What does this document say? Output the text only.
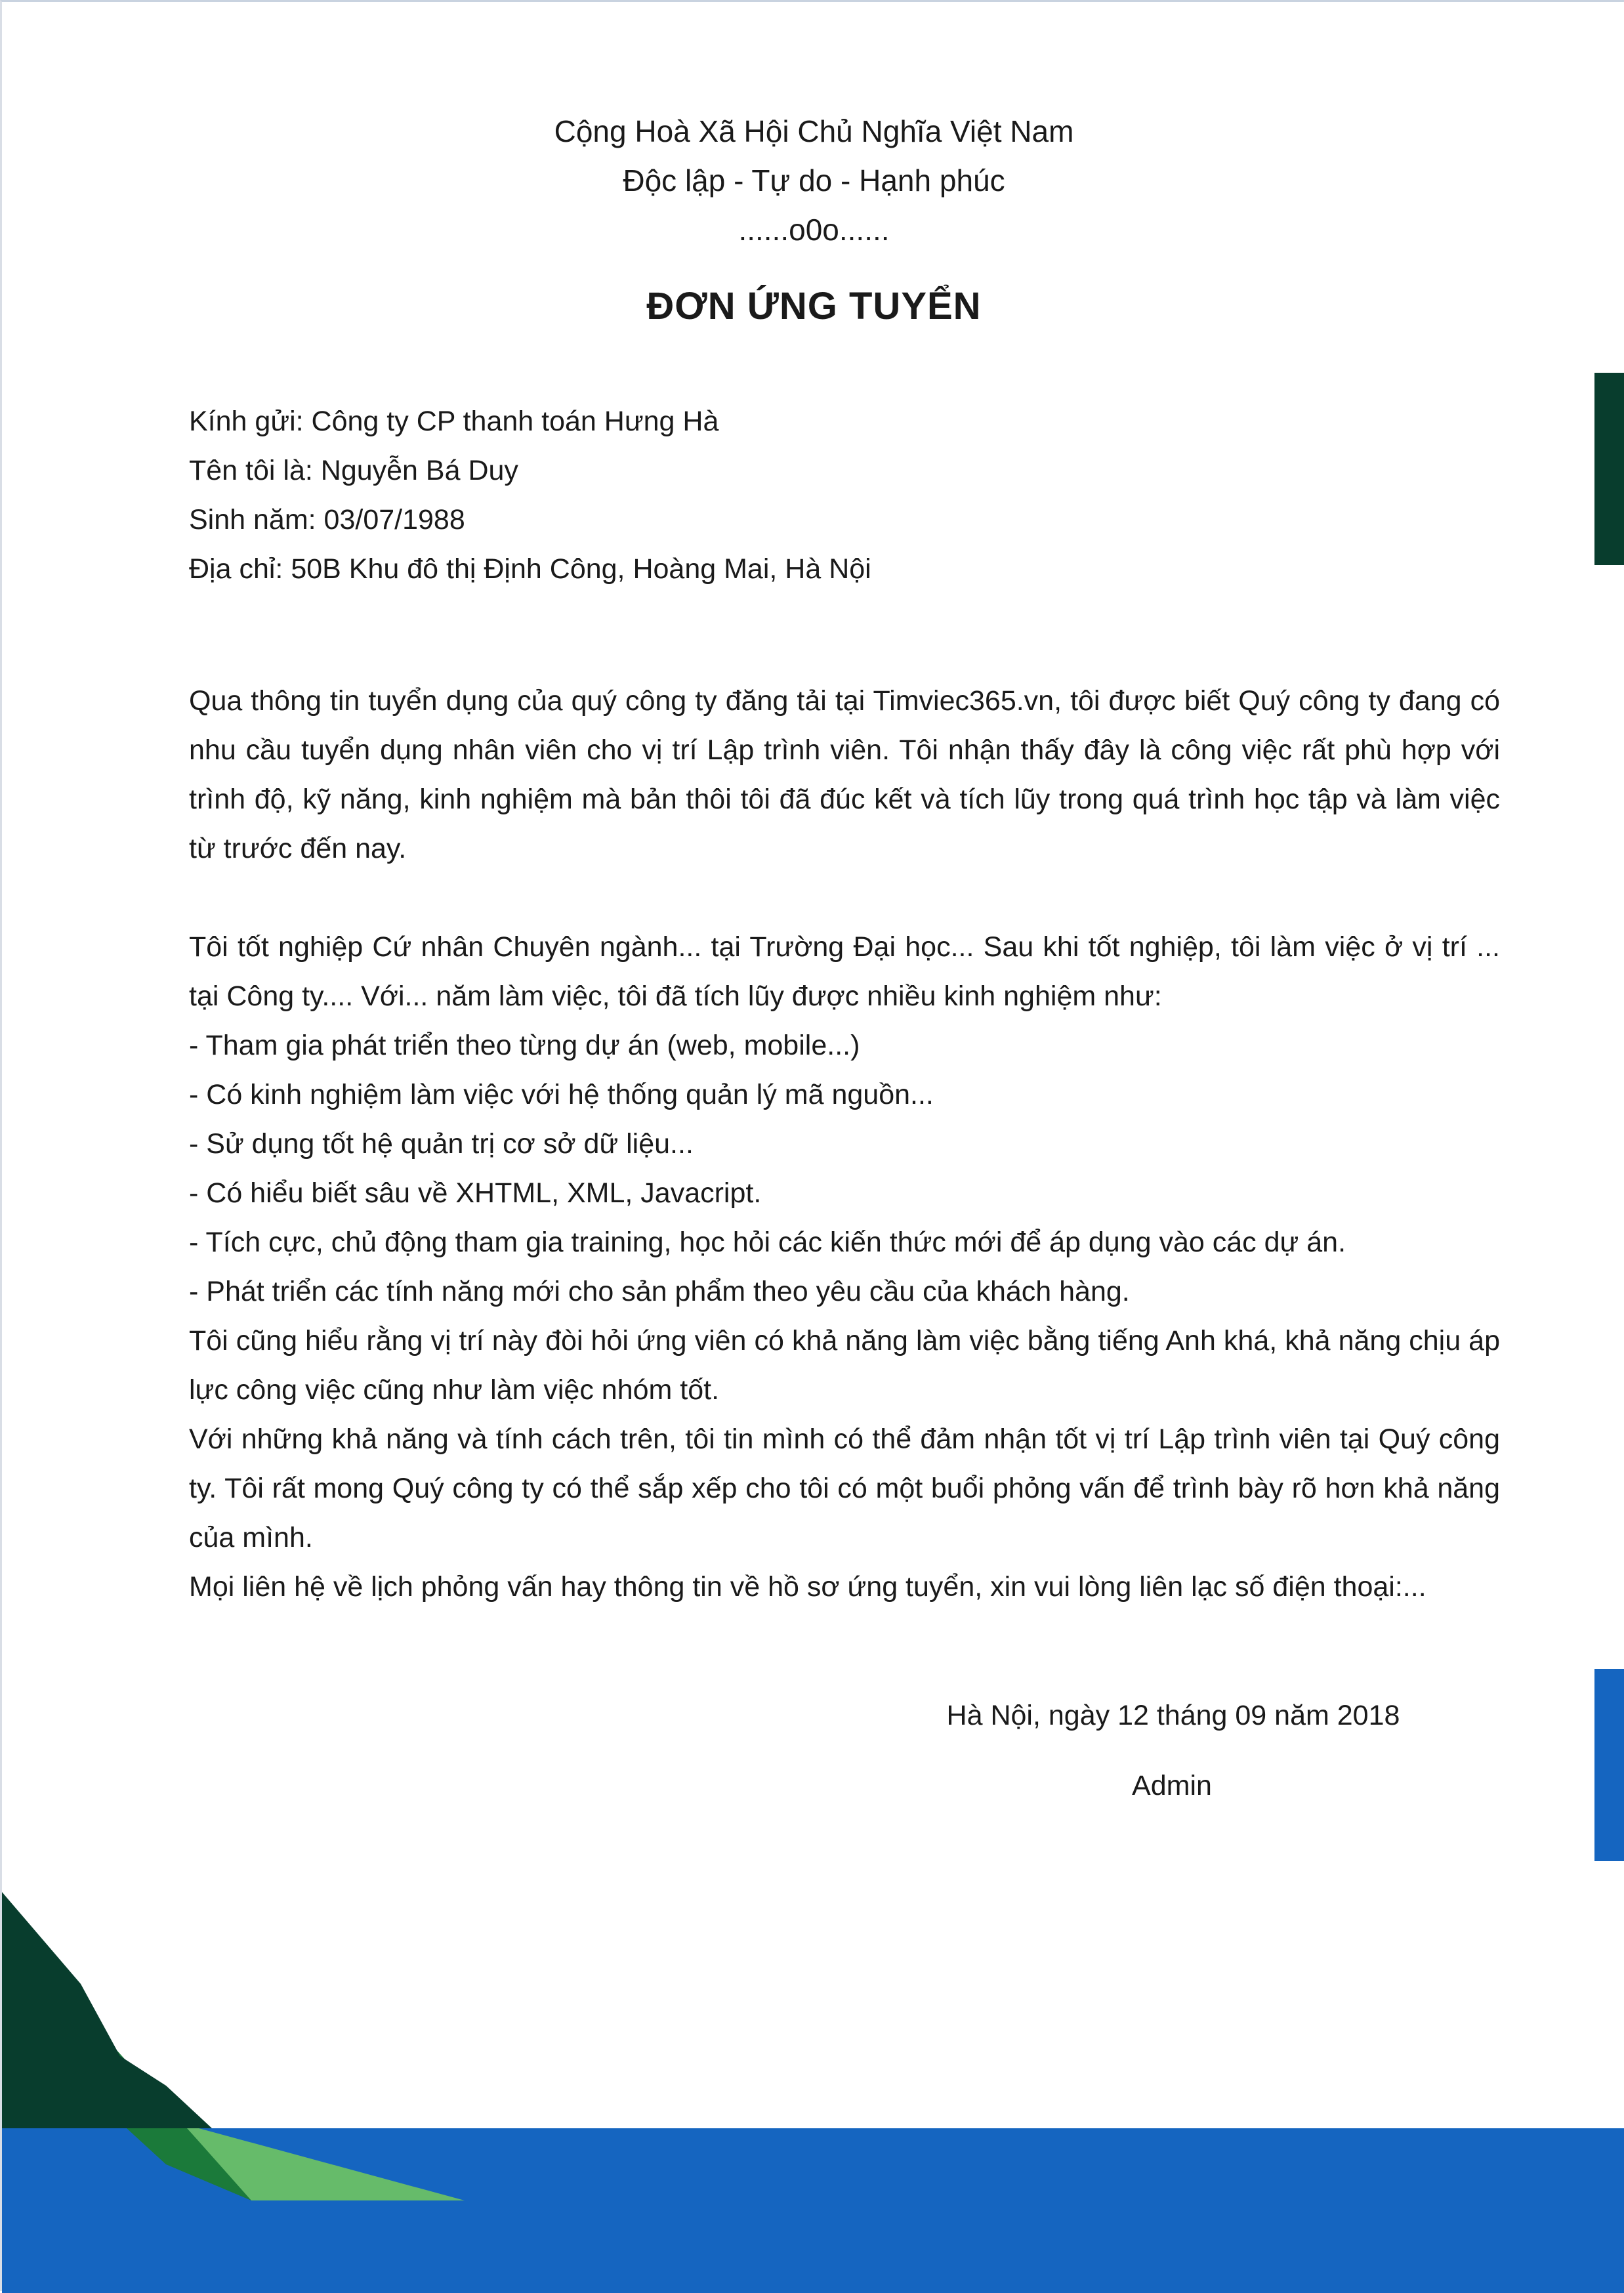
Cộng Hoà Xã Hội Chủ Nghĩa Việt Nam
Độc lập - Tự do - Hạnh phúc
......o0o......
ĐƠN ỨNG TUYỂN

Kính gửi: Công ty CP thanh toán Hưng Hà

Tên tôi là: Nguyễn Bá Duy

Sinh năm: 03/07/1988

Địa chỉ: 50B Khu đô thị Định Công, Hoàng Mai, Hà Nội

Qua thông tin tuyển dụng của quý công ty đăng tải tại Timviec365.vn, tôi được biết Quý công ty đang có nhu cầu tuyển dụng nhân viên cho vị trí Lập trình viên. Tôi nhận thấy đây là công việc rất phù hợp với trình độ, kỹ năng, kinh nghiệm mà bản thôi tôi đã đúc kết và tích lũy trong quá trình học tập và làm việc từ trước đến nay.

Tôi tốt nghiệp Cứ nhân Chuyên ngành... tại Trường Đại học... Sau khi tốt nghiệp, tôi làm việc ở vị trí ... tại Công ty.... Với... năm làm việc, tôi đã tích lũy được nhiều kinh nghiệm như:

- Tham gia phát triển theo từng dự án (web, mobile...)

- Có kinh nghiệm làm việc với hệ thống quản lý mã nguồn...

- Sử dụng tốt hệ quản trị cơ sở dữ liệu...

- Có hiểu biết sâu về XHTML, XML, Javacript.

- Tích cực, chủ động tham gia training, học hỏi các kiến thức mới để áp dụng vào các dự án.

- Phát triển các tính năng mới cho sản phẩm theo yêu cầu của khách hàng.

Tôi cũng hiểu rằng vị trí này đòi hỏi ứng viên có khả năng làm việc bằng tiếng Anh khá, khả năng chịu áp lực công việc cũng như làm việc nhóm tốt.

Với những khả năng và tính cách trên, tôi tin mình có thể đảm nhận tốt vị trí Lập trình viên tại Quý công ty. Tôi rất mong Quý công ty có thể sắp xếp cho tôi có một buổi phỏng vấn để trình bày rõ hơn khả năng của mình.

Mọi liên hệ về lịch phỏng vấn hay thông tin về hồ sơ ứng tuyển, xin vui lòng liên lạc số điện thoại:...

Hà Nội, ngày 12 tháng 09 năm 2018
Admin
